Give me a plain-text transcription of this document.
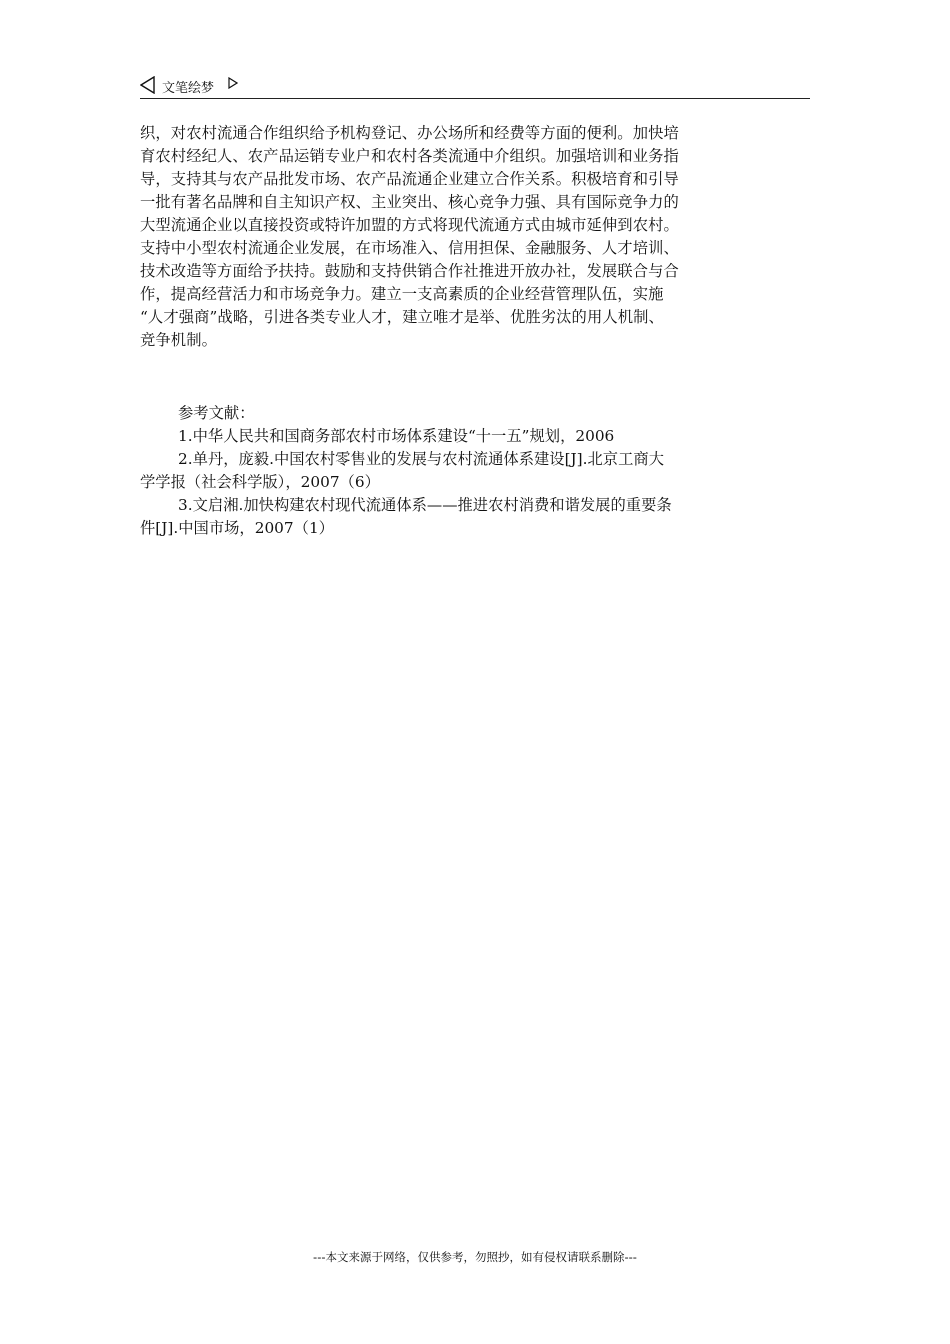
文笔绘梦
织，对农村流通合作组织给予机构登记、办公场所和经费等方面的便利。加快培
育农村经纪人、农产品运销专业户和农村各类流通中介组织。加强培训和业务指
导，支持其与农产品批发市场、农产品流通企业建立合作关系。积极培育和引导
一批有著名品牌和自主知识产权、主业突出、核心竞争力强、具有国际竞争力的
大型流通企业以直接投资或特许加盟的方式将现代流通方式由城市延伸到农村。
支持中小型农村流通企业发展，在市场准入、信用担保、金融服务、人才培训、
技术改造等方面给予扶持。鼓励和支持供销合作社推进开放办社，发展联合与合
作，提高经营活力和市场竞争力。建立一支高素质的企业经营管理队伍，实施
“人才强商”战略，引进各类专业人才，建立唯才是举、优胜劣汰的用人机制、
竞争机制。

参考文献：

1.中华人民共和国商务部农村市场体系建设“十一五”规划，2006

2.单丹，庞毅.中国农村零售业的发展与农村流通体系建设[J].北京工商大
学学报（社会科学版），2007（6）

3.文启湘.加快构建农村现代流通体系——推进农村消费和谐发展的重要条
件[J].中国市场，2007（1）

---本文来源于网络，仅供参考，勿照抄，如有侵权请联系删除---
